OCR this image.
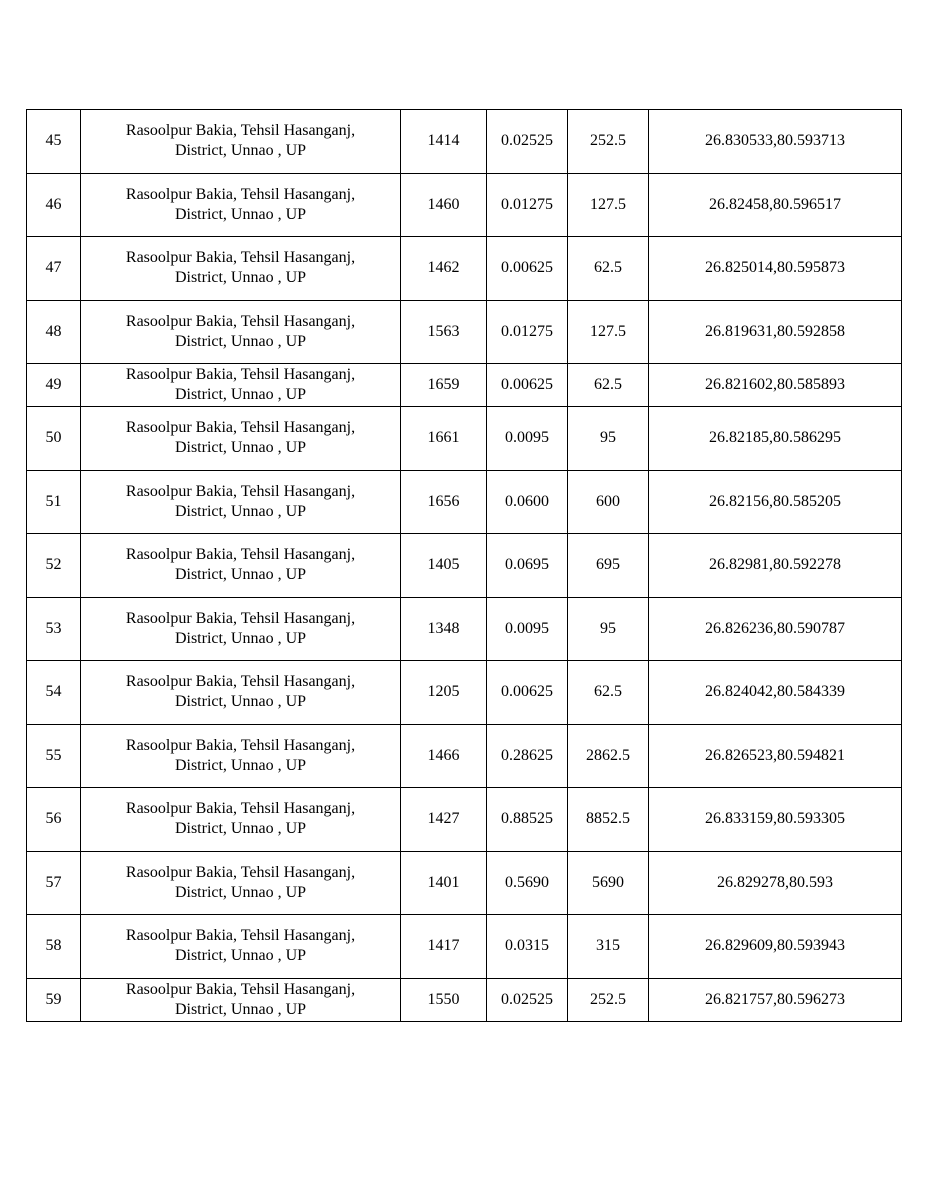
45	Rasoolpur Bakia, Tehsil Hasanganj,
District, Unnao , UP	1414	0.02525	252.5	26.830533,80.593713
46	Rasoolpur Bakia, Tehsil Hasanganj,
District, Unnao , UP	1460	0.01275	127.5	26.82458,80.596517
47	Rasoolpur Bakia, Tehsil Hasanganj,
District, Unnao , UP	1462	0.00625	62.5	26.825014,80.595873
48	Rasoolpur Bakia, Tehsil Hasanganj,
District, Unnao , UP	1563	0.01275	127.5	26.819631,80.592858
49	Rasoolpur Bakia, Tehsil Hasanganj,
District, Unnao , UP	1659	0.00625	62.5	26.821602,80.585893
50	Rasoolpur Bakia, Tehsil Hasanganj,
District, Unnao , UP	1661	0.0095	95	26.82185,80.586295
51	Rasoolpur Bakia, Tehsil Hasanganj,
District, Unnao , UP	1656	0.0600	600	26.82156,80.585205
52	Rasoolpur Bakia, Tehsil Hasanganj,
District, Unnao , UP	1405	0.0695	695	26.82981,80.592278
53	Rasoolpur Bakia, Tehsil Hasanganj,
District, Unnao , UP	1348	0.0095	95	26.826236,80.590787
54	Rasoolpur Bakia, Tehsil Hasanganj,
District, Unnao , UP	1205	0.00625	62.5	26.824042,80.584339
55	Rasoolpur Bakia, Tehsil Hasanganj,
District, Unnao , UP	1466	0.28625	2862.5	26.826523,80.594821
56	Rasoolpur Bakia, Tehsil Hasanganj,
District, Unnao , UP	1427	0.88525	8852.5	26.833159,80.593305
57	Rasoolpur Bakia, Tehsil Hasanganj,
District, Unnao , UP	1401	0.5690	5690	26.829278,80.593
58	Rasoolpur Bakia, Tehsil Hasanganj,
District, Unnao , UP	1417	0.0315	315	26.829609,80.593943
59	Rasoolpur Bakia, Tehsil Hasanganj,
District, Unnao , UP	1550	0.02525	252.5	26.821757,80.596273
